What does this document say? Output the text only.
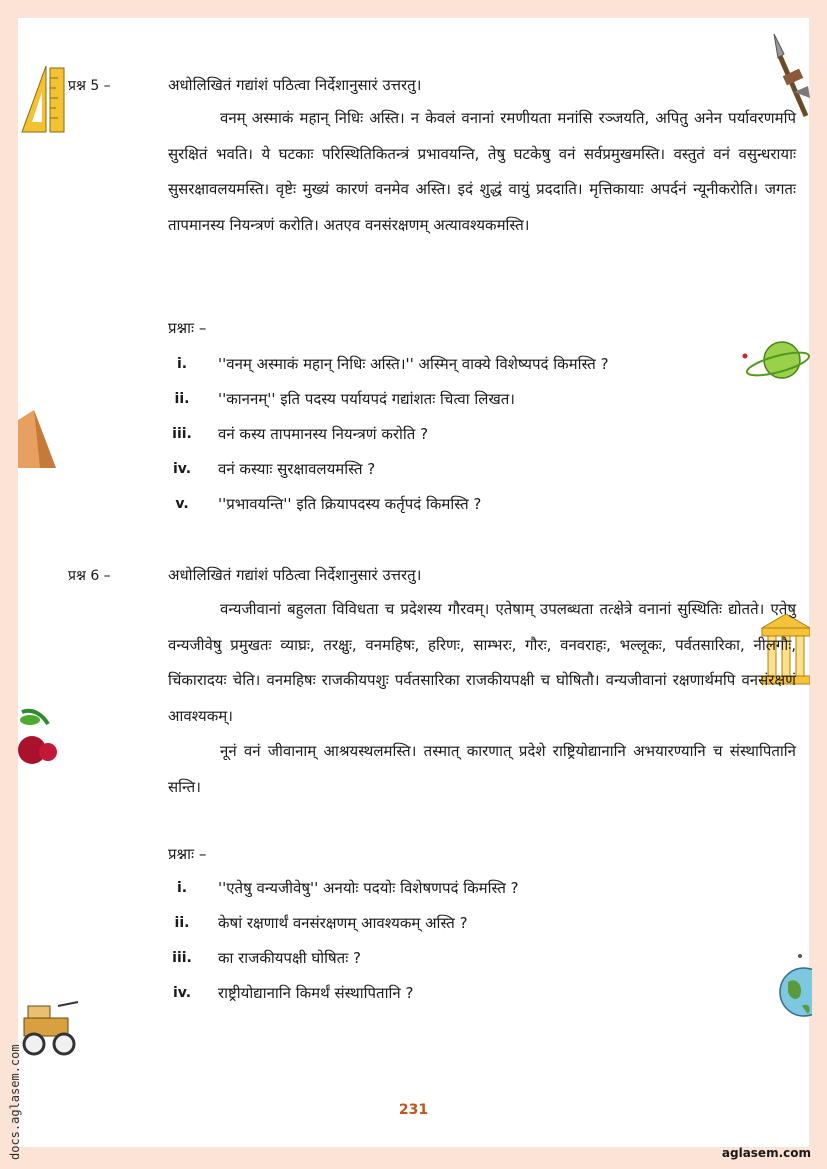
प्रश्न 5 –	अधोलिखितं गद्यांशं पठित्वा निर्देशानुसारं उत्तरतु।

वनम् अस्माकं महान् निधिः अस्ति। न केवलं वनानां रमणीयता मनांसि रञ्जयति, अपितु अनेन पर्यावरणमपि सुरक्षितं भवति। ये घटकाः परिस्थितिकितन्त्रं प्रभावयन्ति, तेषु घटकेषु वनं सर्वप्रमुखमस्ति। वस्तुतं वनं वसुन्धरायाः सुसरक्षावलयमस्ति। वृष्टेः मुख्यं कारणं वनमेव अस्ति। इदं शुद्धं वायुं प्रददाति। मृत्तिकायाः अपर्दनं न्यूनीकरोति। जगतः तापमानस्य नियन्त्रणं करोति। अतएव वनसंरक्षणम् अत्यावश्यकमस्ति।

प्रश्नाः –
i.	''वनम् अस्माकं महान् निधिः अस्ति।'' अस्मिन् वाक्ये विशेष्यपदं किमस्ति ?
ii.	''काननम्'' इति पदस्य पर्यायपदं गद्यांशतः चित्वा लिखत।
iii. वनं कस्य तापमानस्य नियन्त्रणं करोति ?
iv. वनं कस्याः सुरक्षावलयमस्ति ?
v.	''प्रभावयन्ति'' इति क्रियापदस्य कर्तृपदं किमस्ति ?
प्रश्न 6 –	अधोलिखितं गद्यांशं पठित्वा निर्देशानुसारं उत्तरतु।

वन्यजीवानां बहुलता विविधता च प्रदेशस्य गौरवम्। एतेषाम् उपलब्धता तत्क्षेत्रे वनानां सुस्थितिः द्योतते। एतेषु वन्यजीवेषु प्रमुखतः व्याघ्रः, तरक्षुः, वनमहिषः, हरिणः, साम्भरः, गौरः, वनवराहः, भल्लूकः, पर्वतसारिका, नीलगौः, चिंकारादयः चेति। वनमहिषः राजकीयपशुः पर्वतसारिका राजकीयपक्षी च घोषितौ। वन्यजीवानां रक्षणार्थमपि वनसंरक्षणं आवश्यकम्।

नूनं वनं जीवानाम् आश्रयस्थलमस्ति। तस्मात् कारणात् प्रदेशे राष्ट्रियोद्यानानि अभयारण्यानि च संस्थापितानि सन्ति।

प्रश्नाः –
i.	''एतेषु वन्यजीवेषु'' अनयोः पदयोः विशेषणपदं किमस्ति ?
ii.	केषां रक्षणार्थं वनसंरक्षणम् आवश्यकम् अस्ति ?
iii. का राजकीयपक्षी घोषितः ?
iv. राष्ट्रीयोद्यानानि किमर्थं संस्थापितानि ?
231
aglasem.com
docs.aglasem.com
